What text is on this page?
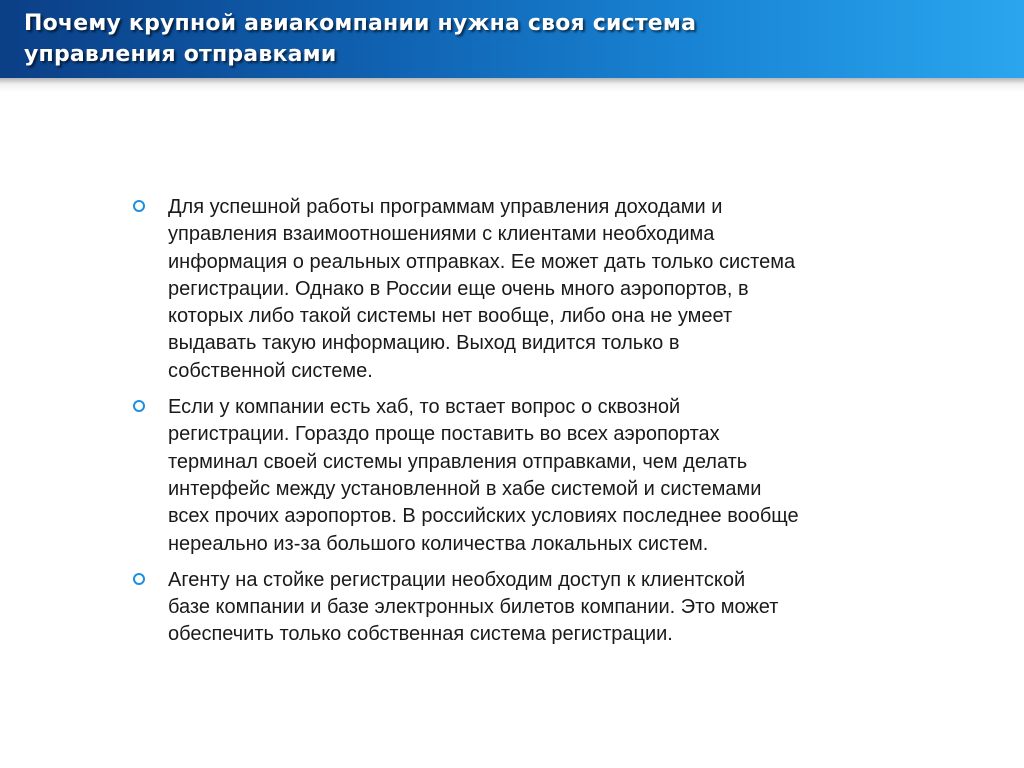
Почему крупной авиакомпании нужна своя система
управления отправками
Для успешной работы программам управления доходами и
управления взаимоотношениями с клиентами необходима
информация о реальных отправках. Ее может дать только система
регистрации. Однако в России еще очень много аэропортов, в
которых либо такой системы нет вообще, либо она не умеет
выдавать такую информацию. Выход видится только в
собственной системе.
Если у компании есть хаб, то встает вопрос о сквозной
регистрации. Гораздо проще поставить во всех аэропортах
терминал своей системы управления отправками, чем делать
интерфейс между установленной в хабе системой и системами
всех прочих аэропортов. В российских условиях последнее вообще
нереально из-за большого количества локальных систем.
Агенту на стойке регистрации необходим доступ к клиентской
базе компании и базе электронных билетов компании. Это может
обеспечить только собственная система регистрации.
